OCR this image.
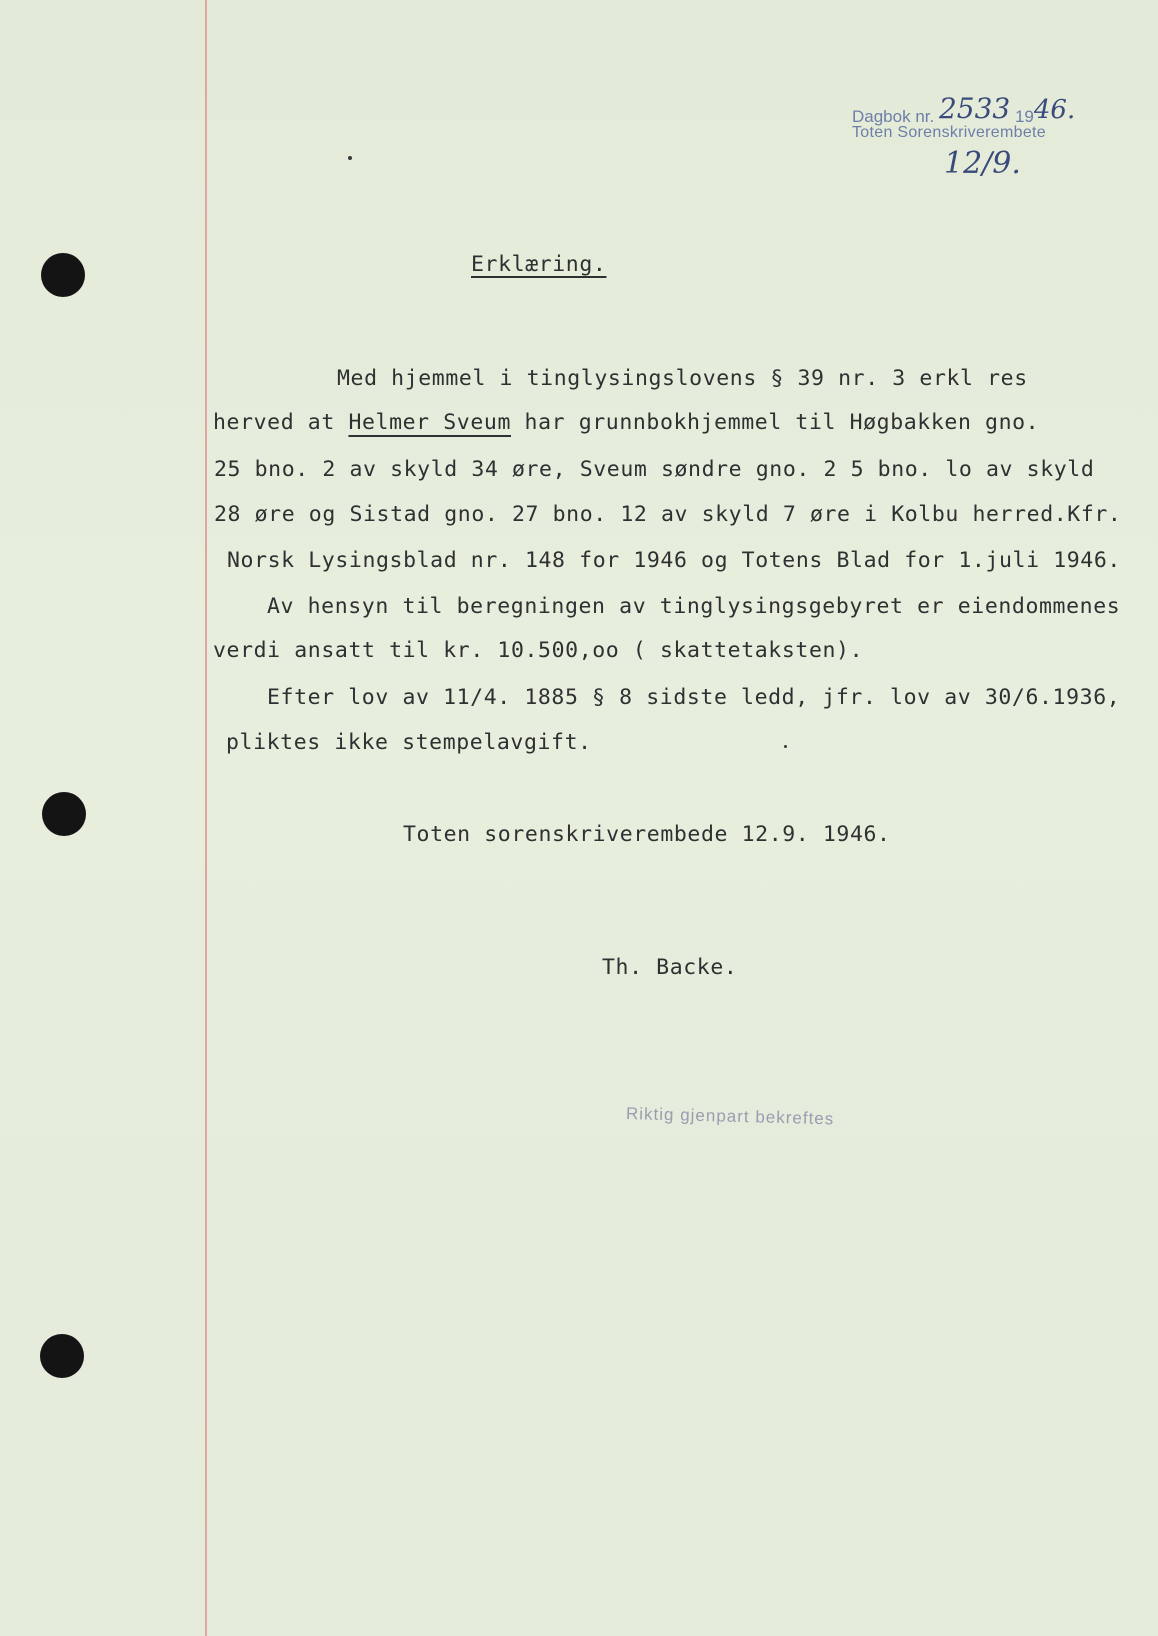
Dagbok nr. 2533 1946.
Toten Sorenskriverembete
12/9.
Erklæring.
Med hjemmel i tinglysingslovens § 39 nr. 3 erkl res
herved at Helmer Sveum har grunnbokhjemmel til Høgbakken gno.
25 bno. 2 av skyld 34 øre, Sveum søndre gno. 2 5 bno. lo av skyld
28 øre og Sistad gno. 27 bno. 12 av skyld 7 øre i Kolbu herred.Kfr.
Norsk Lysingsblad nr. 148 for 1946 og Totens Blad for 1.juli 1946.
Av hensyn til beregningen av tinglysingsgebyret er eiendommenes
verdi ansatt til kr. 10.500,oo ( skattetaksten).
Efter lov av 11/4. 1885 § 8 sidste ledd, jfr. lov av 30/6.1936,
pliktes ikke stempelavgift.
Toten sorenskriverembede 12.9. 1946.
Th. Backe.
Riktig gjenpart bekreftes
